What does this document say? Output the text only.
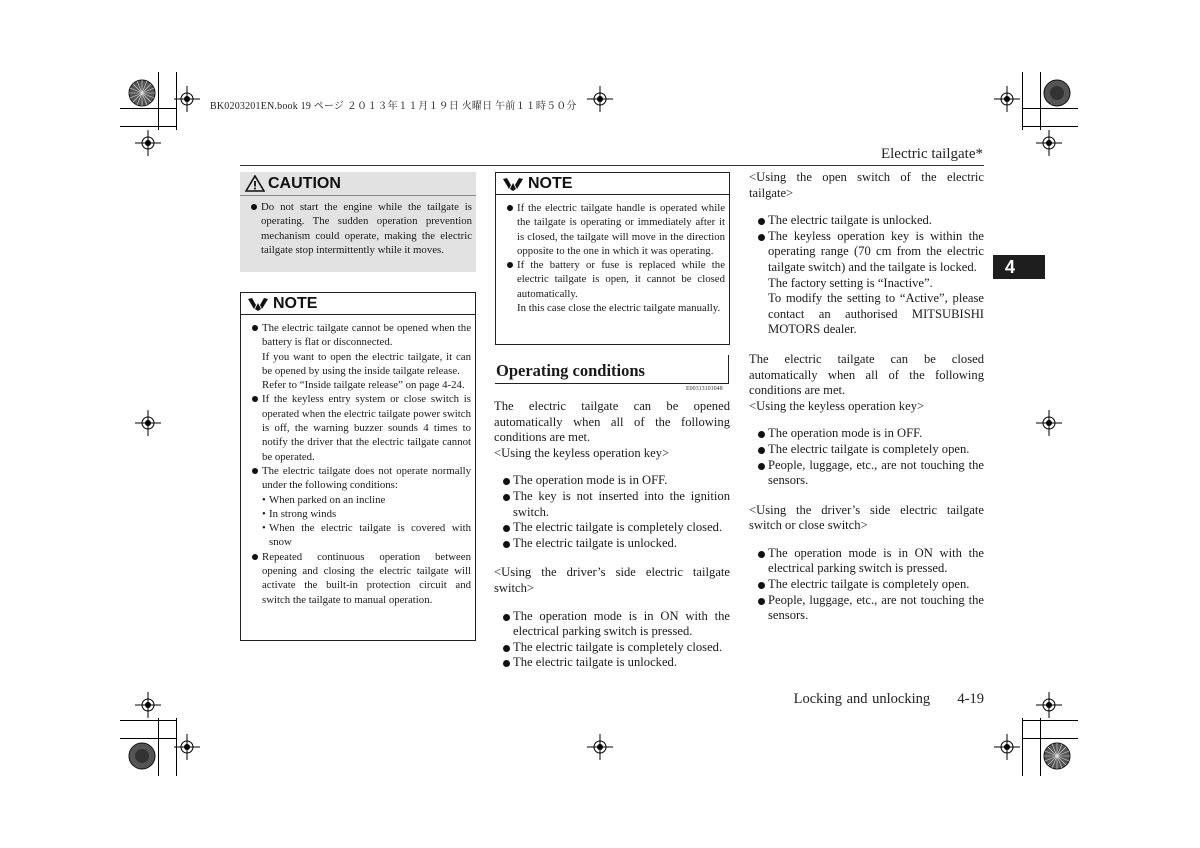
BK0203201EN.book 19 ページ ２０１３年１１月１９日 火曜日 午前１１時５０分
Electric tailgate*
4
CAUTION
Do not start the engine while the tailgate is operating. The sudden operation prevention mechanism could operate, making the electric tailgate stop intermittently while it moves.
NOTE
The electric tailgate cannot be opened when the battery is flat or disconnected.
If you want to open the electric tailgate, it can be opened by using the inside tailgate release.
Refer to “Inside tailgate release” on page 4-24.
If the keyless entry system or close switch is operated when the electric tailgate power switch is off, the warning buzzer sounds 4 times to notify the driver that the electric tailgate cannot be operated.
The electric tailgate does not operate normally under the following conditions:
• When parked on an incline
• In strong winds
• When the electric tailgate is covered with snow
Repeated continuous operation between opening and closing the electric tailgate will activate the built-in protection circuit and switch the tailgate to manual operation.
NOTE
If the electric tailgate handle is operated while the tailgate is operating or immediately after it is closed, the tailgate will move in the direction opposite to the one in which it was operating.
If the battery or fuse is replaced while the electric tailgate is open, it cannot be closed automatically.
In this case close the electric tailgate manually.
Operating conditions
E00313101048
The electric tailgate can be opened automatically when all of the following conditions are met.
<Using the keyless operation key>
The operation mode is in OFF.
The key is not inserted into the ignition switch.
The electric tailgate is completely closed.
The electric tailgate is unlocked.
<Using the driver’s side electric tailgate switch>
The operation mode is in ON with the electrical parking switch is pressed.
The electric tailgate is completely closed.
The electric tailgate is unlocked.
<Using the open switch of the electric tailgate>
The electric tailgate is unlocked.
The keyless operation key is within the operating range (70 cm from the electric tailgate switch) and the tailgate is locked.
The factory setting is “Inactive”.
To modify the setting to “Active”, please contact an authorised MITSUBISHI MOTORS dealer.
The electric tailgate can be closed automatically when all of the following conditions are met.
<Using the keyless operation key>
The operation mode is in OFF.
The electric tailgate is completely open.
People, luggage, etc., are not touching the sensors.
<Using the driver’s side electric tailgate switch or close switch>
The operation mode is in ON with the electrical parking switch is pressed.
The electric tailgate is completely open.
People, luggage, etc., are not touching the sensors.
Locking and unlocking 4-19
